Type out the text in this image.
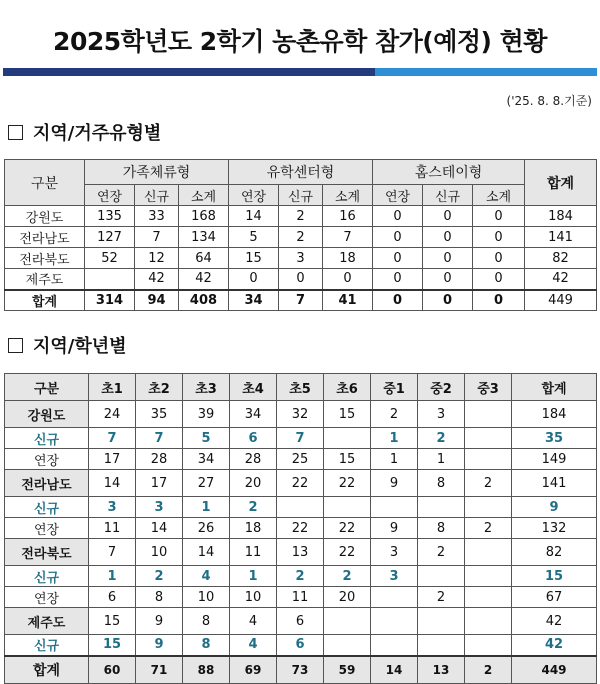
2025학년도 2학기 농촌유학 참가(예정) 현황
('25. 8. 8.기준)
지역/거주유형별
구분	가족체류형			유학센터형			홈스테이형			합계
	연장	신규	소계	연장	신규	소계	연장	신규	소계	
강원도	135	33	168	14	2	16	0	0	0	184
전라남도	127	7	134	5	2	7	0	0	0	141
전라북도	52	12	64	15	3	18	0	0	0	82
제주도		42	42	0	0	0	0	0	0	42
합계	314	94	408	34	7	41	0	0	0	449
지역/학년별
구분	초1	초2	초3	초4	초5	초6	중1	중2	중3	합계
강원도	24	35	39	34	32	15	2	3		184
신규	7	7	5	6	7		1	2		35
연장	17	28	34	28	25	15	1	1		149
전라남도	14	17	27	20	22	22	9	8	2	141
신규	3	3	1	2						9
연장	11	14	26	18	22	22	9	8	2	132
전라북도	7	10	14	11	13	22	3	2		82
신규	1	2	4	1	2	2	3			15
연장	6	8	10	10	11	20		2		67
제주도	15	9	8	4	6					42
신규	15	9	8	4	6					42
합계	60	71	88	69	73	59	14	13	2	449
